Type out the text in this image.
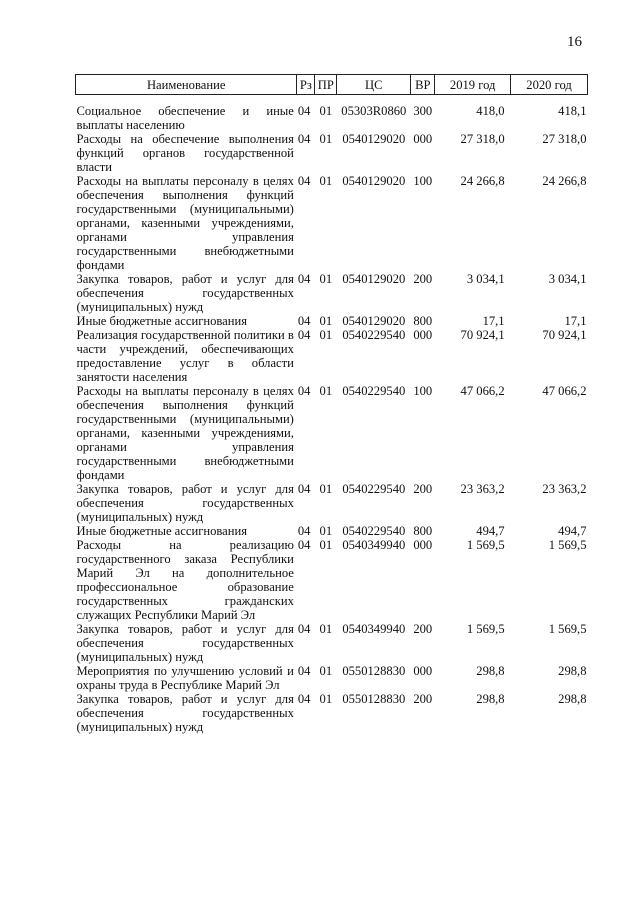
16
Наименование	Рз	ПР	ЦС	ВР	2019 год	2020 год

Социальное обеспечение и иные выплаты населению	04	01	05303R0860	300	418,0	418,1
Расходы на обеспечение выполнения функций органов государственной власти	04	01	0540129020	000	27 318,0	27 318,0
Расходы на выплаты персоналу в целях обеспечения выполнения функций государственными (муниципальными) органами, казенными учреждениями, органами управления государственными внебюджетными фондами	04	01	0540129020	100	24 266,8	24 266,8
Закупка товаров, работ и услуг для обеспечения государственных (муниципальных) нужд	04	01	0540129020	200	3 034,1	3 034,1
Иные бюджетные ассигнования	04	01	0540129020	800	17,1	17,1
Реализация государственной политики в части учреждений, обеспечивающих предоставление услуг в области занятости населения	04	01	0540229540	000	70 924,1	70 924,1
Расходы на выплаты персоналу в целях обеспечения выполнения функций государственными (муниципальными) органами, казенными учреждениями, органами управления государственными внебюджетными фондами	04	01	0540229540	100	47 066,2	47 066,2
Закупка товаров, работ и услуг для обеспечения государственных (муниципальных) нужд	04	01	0540229540	200	23 363,2	23 363,2
Иные бюджетные ассигнования	04	01	0540229540	800	494,7	494,7
Расходы на реализацию государственного заказа Республики Марий Эл на дополнительное профессиональное образование государственных гражданских служащих Республики Марий Эл	04	01	0540349940	000	1 569,5	1 569,5
Закупка товаров, работ и услуг для обеспечения государственных (муниципальных) нужд	04	01	0540349940	200	1 569,5	1 569,5
Мероприятия по улучшению условий и охраны труда в Республике Марий Эл	04	01	0550128830	000	298,8	298,8
Закупка товаров, работ и услуг для обеспечения государственных (муниципальных) нужд	04	01	0550128830	200	298,8	298,8
